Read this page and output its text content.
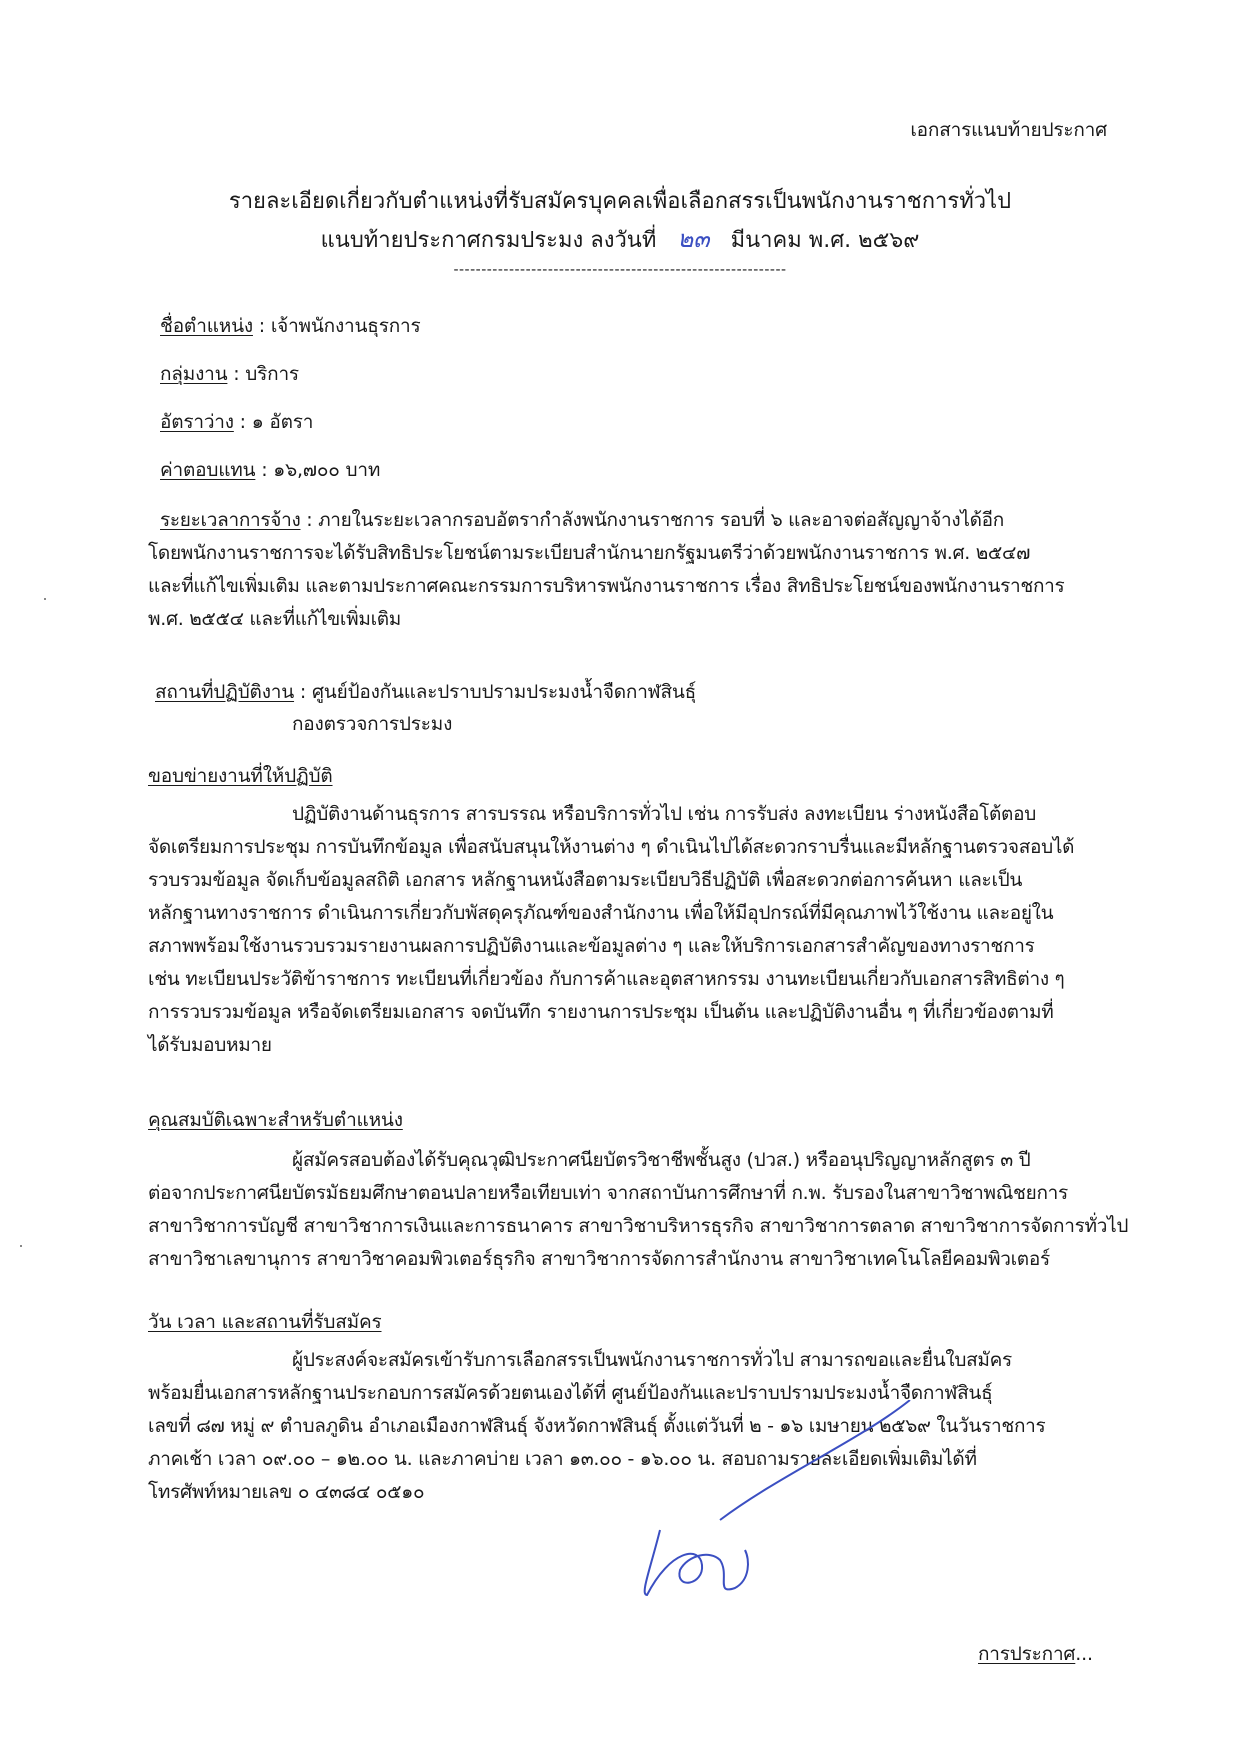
เอกสารแนบท้ายประกาศ
รายละเอียดเกี่ยวกับตำแหน่งที่รับสมัครบุคคลเพื่อเลือกสรรเป็นพนักงานราชการทั่วไป
แนบท้ายประกาศกรมประมง ลงวันที่ ๒๓ มีนาคม พ.ศ. ๒๕๖๙
------------------------------------------------------------
ชื่อตำแหน่ง : เจ้าพนักงานธุรการ
กลุ่มงาน : บริการ
อัตราว่าง : ๑ อัตรา
ค่าตอบแทน : ๑๖,๗๐๐ บาท
ระยะเวลาการจ้าง : ภายในระยะเวลากรอบอัตรากำลังพนักงานราชการ รอบที่ ๖ และอาจต่อสัญญาจ้างได้อีก
โดยพนักงานราชการจะได้รับสิทธิประโยชน์ตามระเบียบสำนักนายกรัฐมนตรีว่าด้วยพนักงานราชการ พ.ศ. ๒๕๔๗
และที่แก้ไขเพิ่มเติม และตามประกาศคณะกรรมการบริหารพนักงานราชการ เรื่อง สิทธิประโยชน์ของพนักงานราชการ
พ.ศ. ๒๕๕๔ และที่แก้ไขเพิ่มเติม
สถานที่ปฏิบัติงาน : ศูนย์ป้องกันและปราบปรามประมงน้ำจืดกาฬสินธุ์
กองตรวจการประมง
ขอบข่ายงานที่ให้ปฏิบัติ
ปฏิบัติงานด้านธุรการ สารบรรณ หรือบริการทั่วไป เช่น การรับส่ง ลงทะเบียน ร่างหนังสือโต้ตอบ
จัดเตรียมการประชุม การบันทึกข้อมูล เพื่อสนับสนุนให้งานต่าง ๆ ดำเนินไปได้สะดวกราบรื่นและมีหลักฐานตรวจสอบได้
รวบรวมข้อมูล จัดเก็บข้อมูลสถิติ เอกสาร หลักฐานหนังสือตามระเบียบวิธีปฏิบัติ เพื่อสะดวกต่อการค้นหา และเป็น
หลักฐานทางราชการ ดำเนินการเกี่ยวกับพัสดุครุภัณฑ์ของสำนักงาน เพื่อให้มีอุปกรณ์ที่มีคุณภาพไว้ใช้งาน และอยู่ใน
สภาพพร้อมใช้งานรวบรวมรายงานผลการปฏิบัติงานและข้อมูลต่าง ๆ และให้บริการเอกสารสำคัญของทางราชการ
เช่น ทะเบียนประวัติข้าราชการ ทะเบียนที่เกี่ยวข้อง กับการค้าและอุตสาหกรรม งานทะเบียนเกี่ยวกับเอกสารสิทธิต่าง ๆ
การรวบรวมข้อมูล หรือจัดเตรียมเอกสาร จดบันทึก รายงานการประชุม เป็นต้น และปฏิบัติงานอื่น ๆ ที่เกี่ยวข้องตามที่
ได้รับมอบหมาย
คุณสมบัติเฉพาะสำหรับตำแหน่ง
ผู้สมัครสอบต้องได้รับคุณวุฒิประกาศนียบัตรวิชาชีพชั้นสูง (ปวส.) หรืออนุปริญญาหลักสูตร ๓ ปี
ต่อจากประกาศนียบัตรมัธยมศึกษาตอนปลายหรือเทียบเท่า จากสถาบันการศึกษาที่ ก.พ. รับรองในสาขาวิชาพณิชยการ
สาขาวิชาการบัญชี สาขาวิชาการเงินและการธนาคาร สาขาวิชาบริหารธุรกิจ สาขาวิชาการตลาด สาขาวิชาการจัดการทั่วไป
สาขาวิชาเลขานุการ สาขาวิชาคอมพิวเตอร์ธุรกิจ สาขาวิชาการจัดการสำนักงาน สาขาวิชาเทคโนโลยีคอมพิวเตอร์
วัน เวลา และสถานที่รับสมัคร
ผู้ประสงค์จะสมัครเข้ารับการเลือกสรรเป็นพนักงานราชการทั่วไป สามารถขอและยื่นใบสมัคร
พร้อมยื่นเอกสารหลักฐานประกอบการสมัครด้วยตนเองได้ที่ ศูนย์ป้องกันและปราบปรามประมงน้ำจืดกาฬสินธุ์
เลขที่ ๘๗ หมู่ ๙ ตำบลภูดิน อำเภอเมืองกาฬสินธุ์ จังหวัดกาฬสินธุ์ ตั้งแต่วันที่ ๒ - ๑๖ เมษายน ๒๕๖๙ ในวันราชการ
ภาคเช้า เวลา ๐๙.๐๐ – ๑๒.๐๐ น. และภาคบ่าย เวลา ๑๓.๐๐ - ๑๖.๐๐ น. สอบถามรายละเอียดเพิ่มเติมได้ที่
โทรศัพท์หมายเลข ๐ ๔๓๘๔ ๐๕๑๐
การประกาศ...
